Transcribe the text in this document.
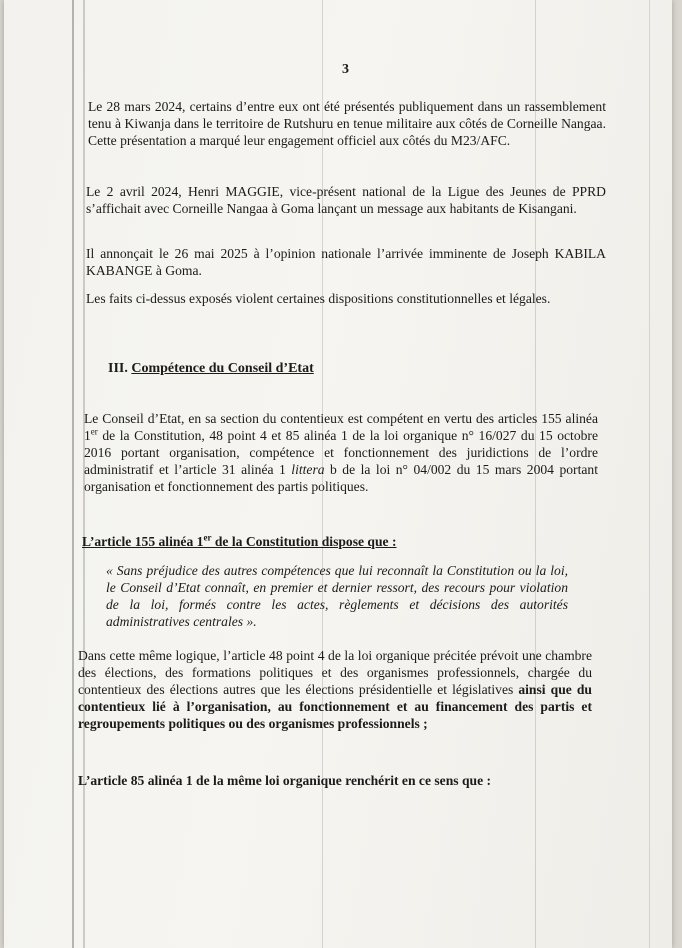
3

Le 28 mars 2024, certains d’entre eux ont été présentés publiquement dans un rassemblement tenu à Kiwanja dans le territoire de Rutshuru en tenue militaire aux côtés de Corneille Nangaa. Cette présentation a marqué leur engagement officiel aux côtés du M23/AFC.

Le 2 avril 2024, Henri MAGGIE, vice-présent national de la Ligue des Jeunes de PPRD s’affichait avec Corneille Nangaa à Goma lançant un message aux habitants de Kisangani.

Il annonçait le 26 mai 2025 à l’opinion nationale l’arrivée imminente de Joseph KABILA KABANGE à Goma.

Les faits ci-dessus exposés violent certaines dispositions constitutionnelles et légales.

III. Compétence du Conseil d’Etat

Le Conseil d’Etat, en sa section du contentieux est compétent en vertu des articles 155 alinéa 1er de la Constitution, 48 point 4 et 85 alinéa 1 de la loi organique n° 16/027 du 15 octobre 2016 portant organisation, compétence et fonctionnement des juridictions de l’ordre administratif et l’article 31 alinéa 1 littera b de la loi n° 04/002 du 15 mars 2004 portant organisation et fonctionnement des partis politiques.

L’article 155 alinéa 1er de la Constitution dispose que :

« Sans préjudice des autres compétences que lui reconnaît la Constitution ou la loi, le Conseil d’Etat connaît, en premier et dernier ressort, des recours pour violation de la loi, formés contre les actes, règlements et décisions des autorités administratives centrales ».

Dans cette même logique, l’article 48 point 4 de la loi organique précitée prévoit une chambre des élections, des formations politiques et des organismes professionnels, chargée du contentieux des élections autres que les élections présidentielle et législatives ainsi que du contentieux lié à l’organisation, au fonctionnement et au financement des partis et regroupements politiques ou des organismes professionnels ;

L’article 85 alinéa 1 de la même loi organique renchérit en ce sens que :
